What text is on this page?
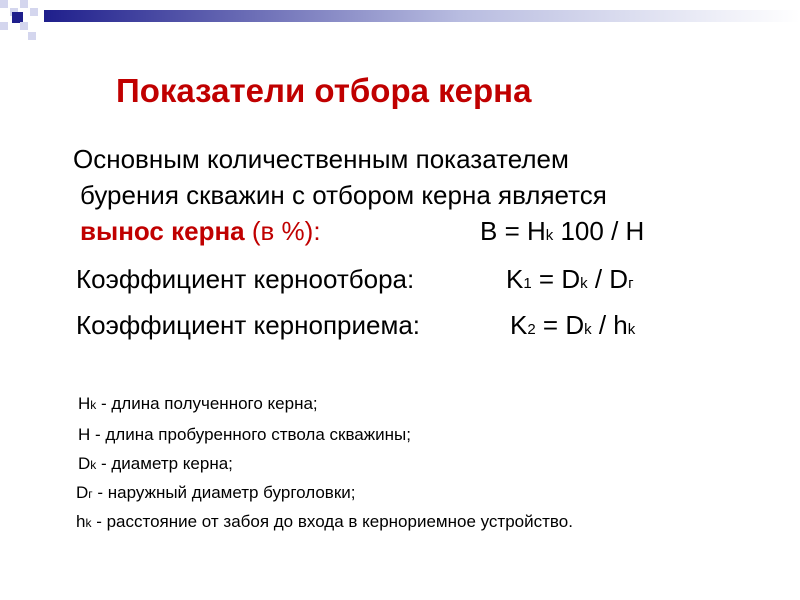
Показатели отбора керна
Основным количественным показателем
бурения скважин с отбором керна является
вынос керна (в %):	В = Нk 100 / Н
Коэффициент керноотбора:	K1 = Dk / Dг
Коэффициент керноприема:	K2 = Dk / hk
Нk - длина полученного керна;
Н - длина пробуренного ствола скважины;
Dk - диаметр керна;
Dг - наружный диаметр бурголовки;
hk - расстояние от забоя до входа в кернориемное устройство.
